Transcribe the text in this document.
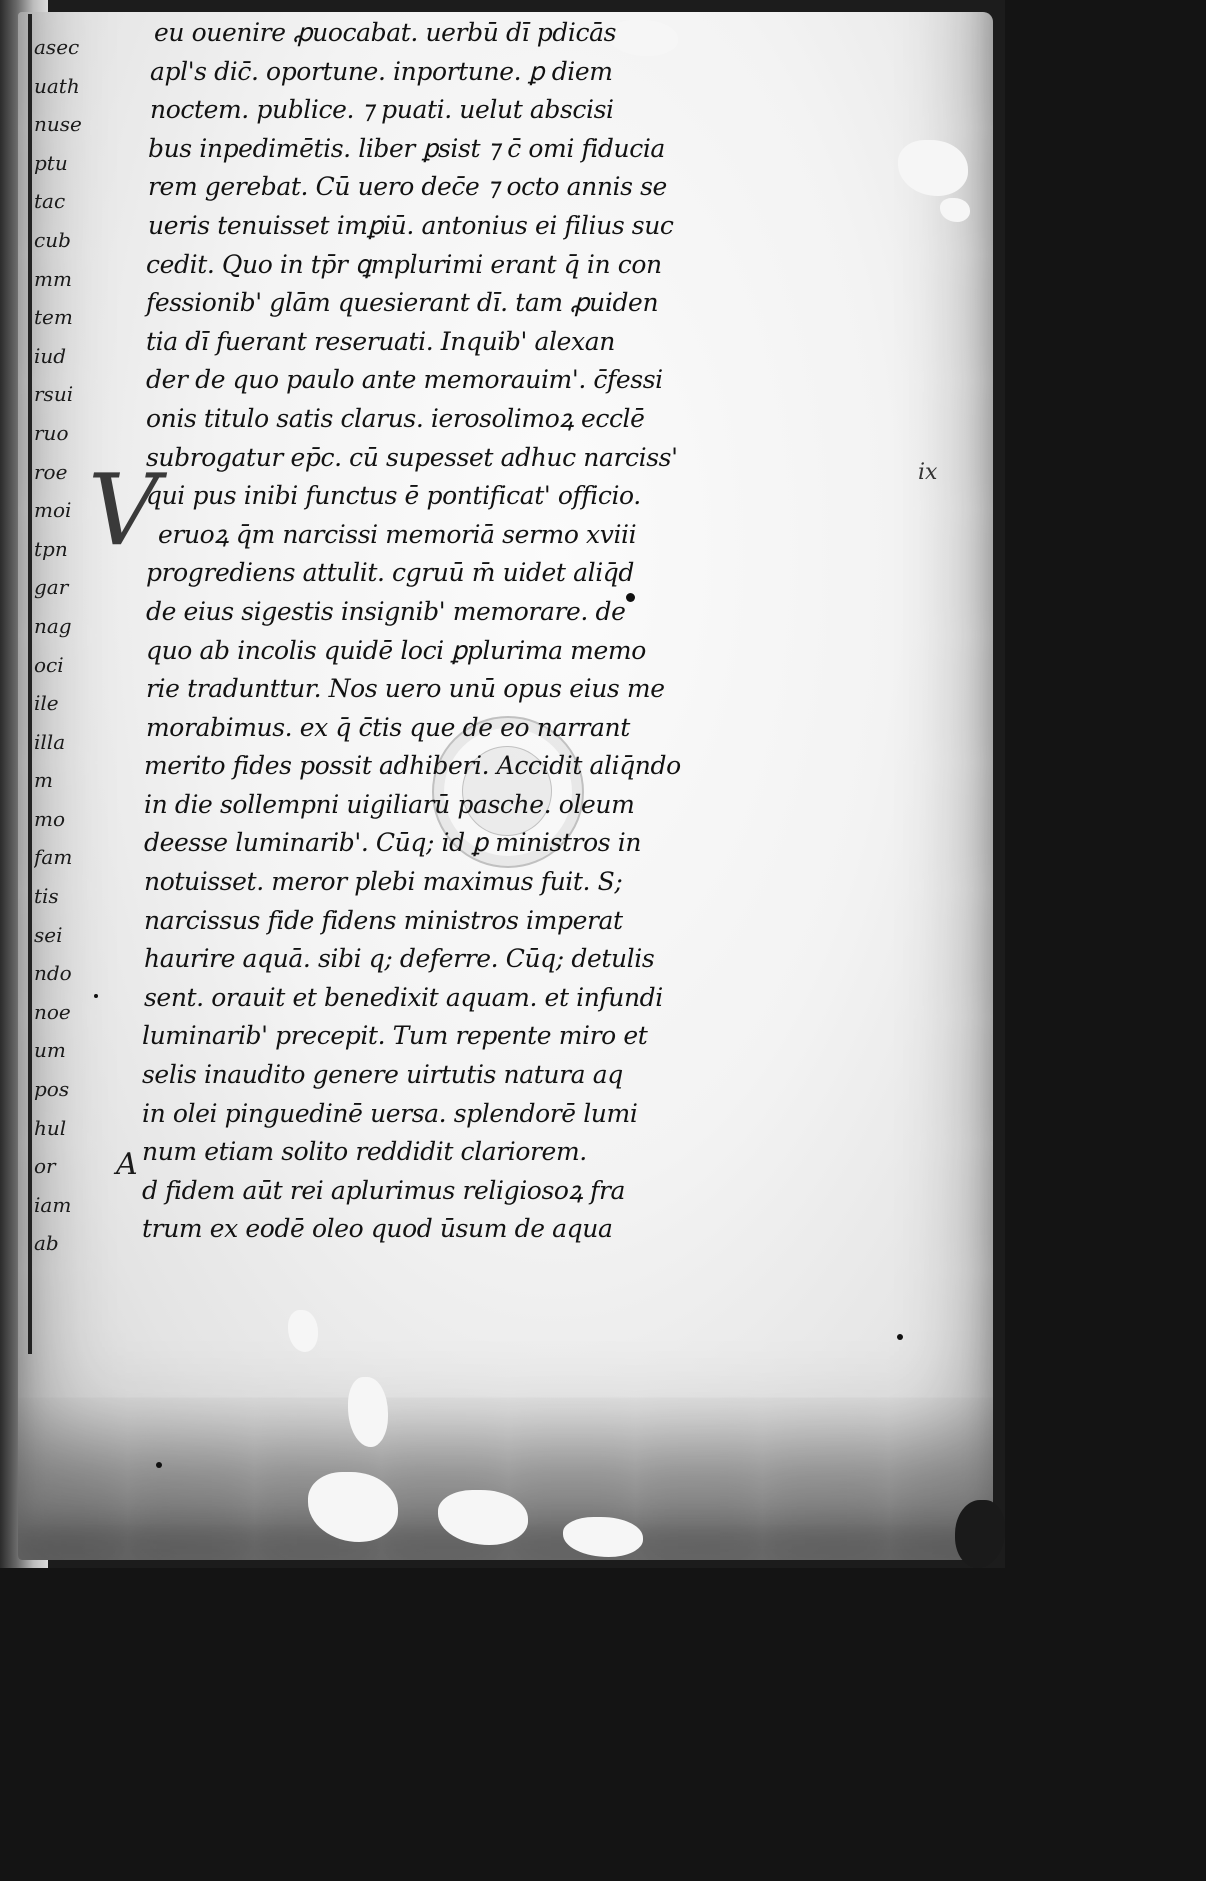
asec
uath
nuse
ptu
tac
cub
mm
tem
iud
rsui
ruo
roe
moi
tpn
gar
nag
oci
ile
illa
m
mo
fam
tis
sei
ndo
noe
um
pos
hul
or
iam
ab
V
A
ix
eu ouenire ꝓuocabat. uerbū dī pdicās
apl's dic̄. oportune. inportune. ꝑ diem
noctem. publice. ⁊ puati. uelut abscisi
bus inpedimētis. liber ꝑsist ⁊ c̄ omi fiducia
rem gerebat. Cū uero dec̄e ⁊ octo annis se
ueris tenuisset imꝑiū. antonius ei filius suc
cedit. Quo in tp̄r ꝗmplurimi erant q̄ in con
fessionib' glām quesierant dī. tam ꝓuiden
tia dī fuerant reseruati. Inquib' alexan
der de quo paulo ante memorauim'. c̄fessi
onis titulo satis clarus. ierosolimoꝝ ecclē
subrogatur ep̄c. cū supesset adhuc narciss'
qui pus inibi functus ē pontificat' officio.
eruoꝝ q̄m narcissi memoriā sermo xviii
progrediens attulit. cgruū m̄ uidet aliq̄d
de eius sigestis insignib' memorare. de
quo ab incolis quidē loci ꝑplurima memo
rie tradunttur. Nos uero unū opus eius me
morabimus. ex q̄ c̄tis que de eo narrant
merito fides possit adhiberi. Accidit aliq̄ndo
in die sollempni uigiliarū pasche. oleum
deesse luminarib'. Cūq; id ꝑ ministros in
notuisset. meror plebi maximus fuit. S;
narcissus fide fidens ministros imperat
haurire aquā. sibi q; deferre. Cūq; detulis
sent. orauit et benedixit aquam. et infundi
luminarib' precepit. Tum repente miro et
selis inaudito genere uirtutis natura aq
in olei pinguedinē uersa. splendorē lumi
num etiam solito reddidit clariorem.
d fidem aūt rei aplurimus religiosoꝝ fra
trum ex eodē oleo quod ūsum de aqua
